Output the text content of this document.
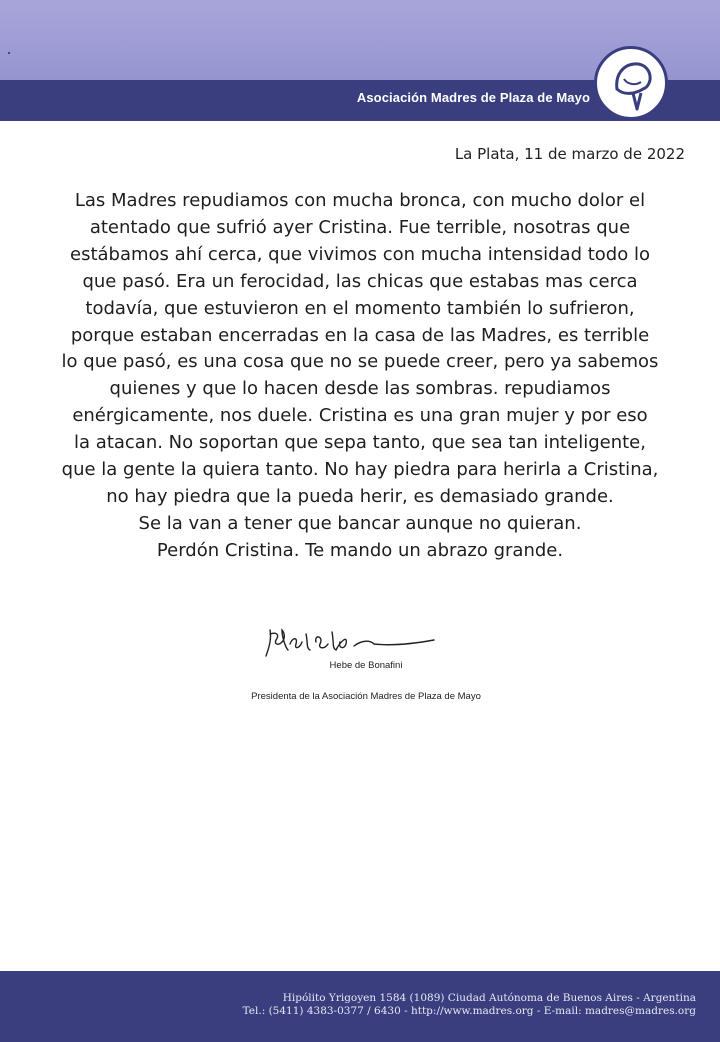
Asociación Madres de Plaza de Mayo
La Plata, 11 de marzo de 2022

Las Madres repudiamos con mucha bronca, con mucho dolor el
atentado que sufrió ayer Cristina. Fue terrible, nosotras que
estábamos ahí cerca, que vivimos con mucha intensidad todo lo
que pasó. Era un ferocidad, las chicas que estabas mas cerca
todavía, que estuvieron en el momento también lo sufrieron,
porque estaban encerradas en la casa de las Madres, es terrible
lo que pasó, es una cosa que no se puede creer, pero ya sabemos
quienes y que lo hacen desde las sombras. repudiamos
enérgicamente, nos duele. Cristina es una gran mujer y por eso
la atacan. No soportan que sepa tanto, que sea tan inteligente,
que la gente la quiera tanto. No hay piedra para herirla a Cristina,
no hay piedra que la pueda herir, es demasiado grande.
Se la van a tener que bancar aunque no quieran.
Perdón Cristina. Te mando un abrazo grande.

Hebe de Bonafini
Presidenta de la Asociación Madres de Plaza de Mayo
Hipólito Yrigoyen 1584 (1089) Ciudad Autónoma de Buenos Aires - Argentina
Tel.: (5411) 4383-0377 / 6430 - http://www.madres.org - E-mail: madres@madres.org
